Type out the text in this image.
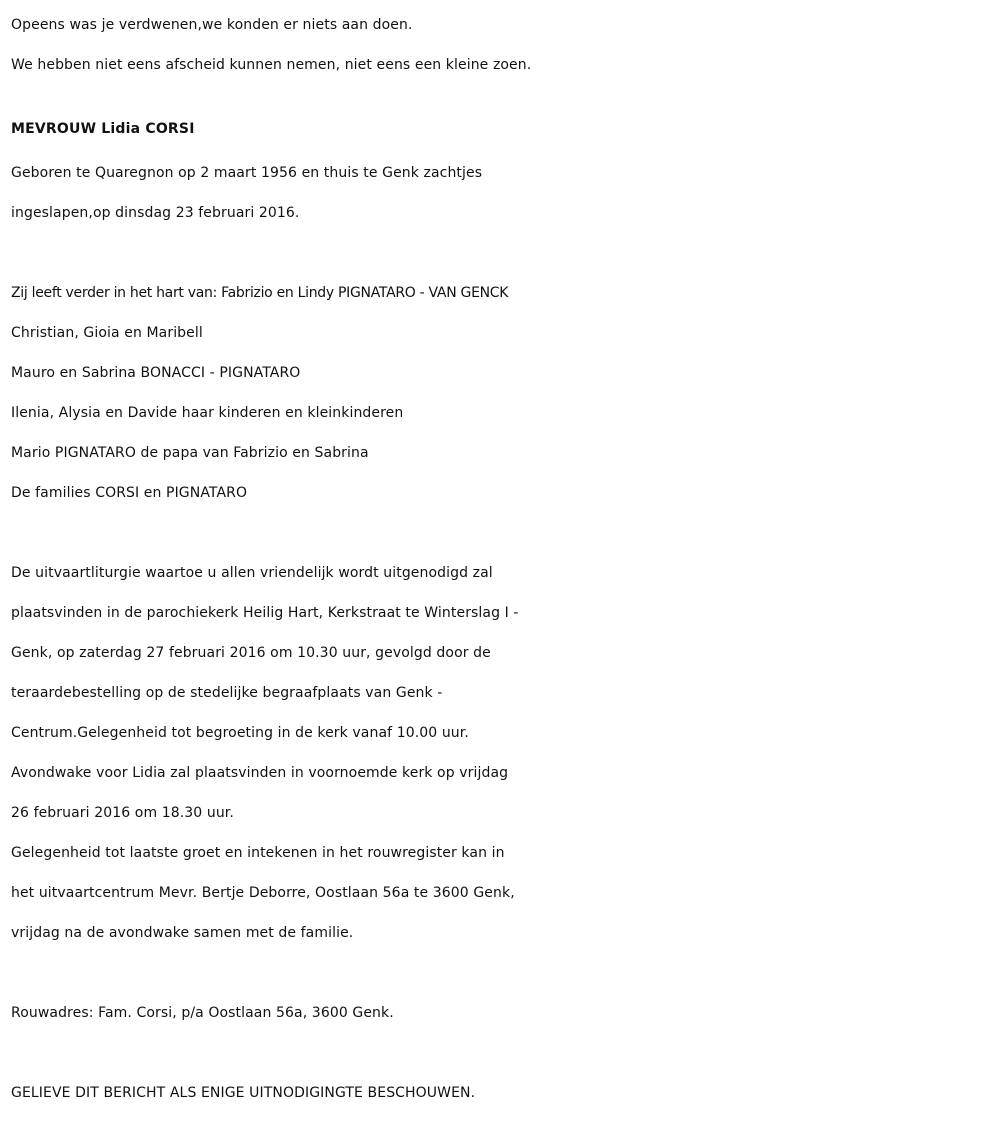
Opeens was je verdwenen,we konden er niets aan doen.
We hebben niet eens afscheid kunnen nemen, niet eens een kleine zoen.
MEVROUW Lidia CORSI
Geboren te Quaregnon op 2 maart 1956 en thuis te Genk zachtjes
ingeslapen,op dinsdag 23 februari 2016.
Zij leeft verder in het hart van: Fabrizio en Lindy PIGNATARO - VAN GENCK
Christian, Gioia en Maribell
Mauro en Sabrina BONACCI - PIGNATARO
Ilenia, Alysia en Davide haar kinderen en kleinkinderen
Mario PIGNATARO de papa van Fabrizio en Sabrina
De families CORSI en PIGNATARO
De uitvaartliturgie waartoe u allen vriendelijk wordt uitgenodigd zal
plaatsvinden in de parochiekerk Heilig Hart, Kerkstraat te Winterslag I -
Genk, op zaterdag 27 februari 2016 om 10.30 uur, gevolgd door de
teraardebestelling op de stedelijke begraafplaats van Genk -
Centrum.Gelegenheid tot begroeting in de kerk vanaf 10.00 uur.
Avondwake voor Lidia zal plaatsvinden in voornoemde kerk op vrijdag
26 februari 2016 om 18.30 uur.
Gelegenheid tot laatste groet en intekenen in het rouwregister kan in
het uitvaartcentrum Mevr. Bertje Deborre, Oostlaan 56a te 3600 Genk,
vrijdag na de avondwake samen met de familie.
Rouwadres: Fam. Corsi, p/a Oostlaan 56a, 3600 Genk.
GELIEVE DIT BERICHT ALS ENIGE UITNODIGINGTE BESCHOUWEN.
